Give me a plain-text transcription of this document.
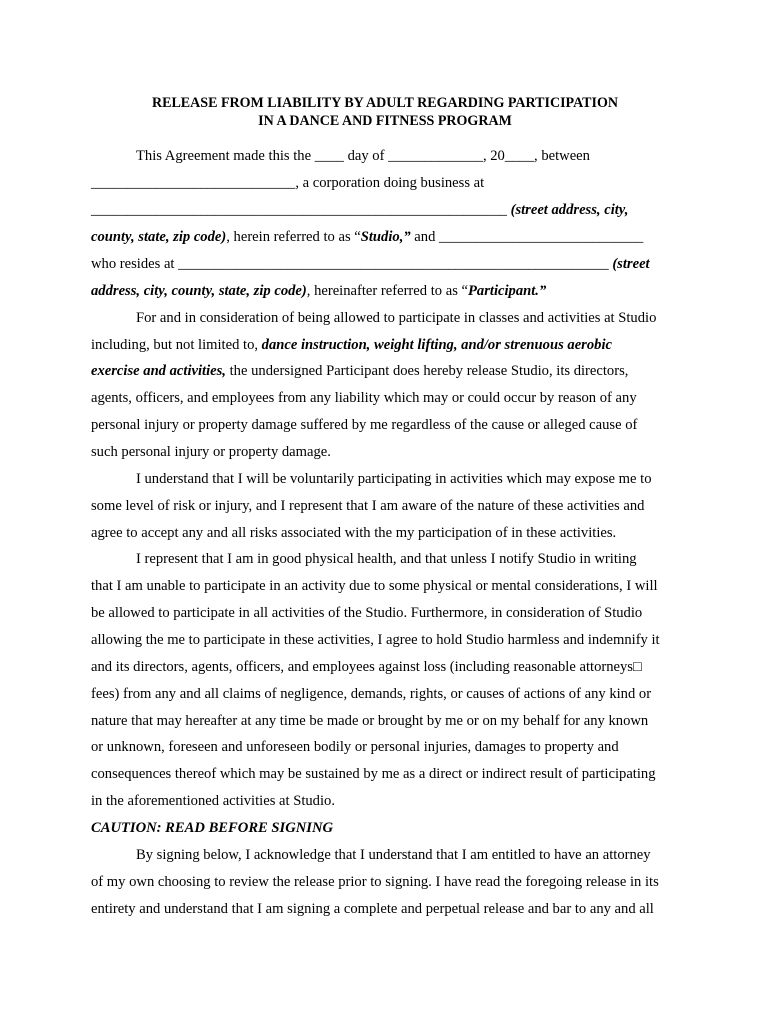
RELEASE FROM LIABILITY BY ADULT REGARDING PARTICIPATION
IN A DANCE AND FITNESS PROGRAM
This Agreement made this the ____ day of _____________, 20____, between
____________________________, a corporation doing business at
_________________________________________________________ (street address, city,
county, state, zip code), herein referred to as “Studio,” and ____________________________
who resides at ___________________________________________________________ (street
address, city, county, state, zip code), hereinafter referred to as “Participant.”
For and in consideration of being allowed to participate in classes and activities at Studio
including, but not limited to, dance instruction, weight lifting, and/or strenuous aerobic
exercise and activities, the undersigned Participant does hereby release Studio, its directors,
agents, officers, and employees from any liability which may or could occur by reason of any
personal injury or property damage suffered by me regardless of the cause or alleged cause of
such personal injury or property damage.
I understand that I will be voluntarily participating in activities which may expose me to
some level of risk or injury, and I represent that I am aware of the nature of these activities and
agree to accept any and all risks associated with the my participation of in these activities.
I represent that I am in good physical health, and that unless I notify Studio in writing
that I am unable to participate in an activity due to some physical or mental considerations, I will
be allowed to participate in all activities of the Studio. Furthermore, in consideration of Studio
allowing the me to participate in these activities, I agree to hold Studio harmless and indemnify it
and its directors, agents, officers, and employees against loss (including reasonable attorneys□
fees) from any and all claims of negligence, demands, rights, or causes of actions of any kind or
nature that may hereafter at any time be made or brought by me or on my behalf for any known
or unknown, foreseen and unforeseen bodily or personal injuries, damages to property and
consequences thereof which may be sustained by me as a direct or indirect result of participating
in the aforementioned activities at Studio.
CAUTION: READ BEFORE SIGNING
By signing below, I acknowledge that I understand that I am entitled to have an attorney
of my own choosing to review the release prior to signing. I have read the foregoing release in its
entirety and understand that I am signing a complete and perpetual release and bar to any and all
